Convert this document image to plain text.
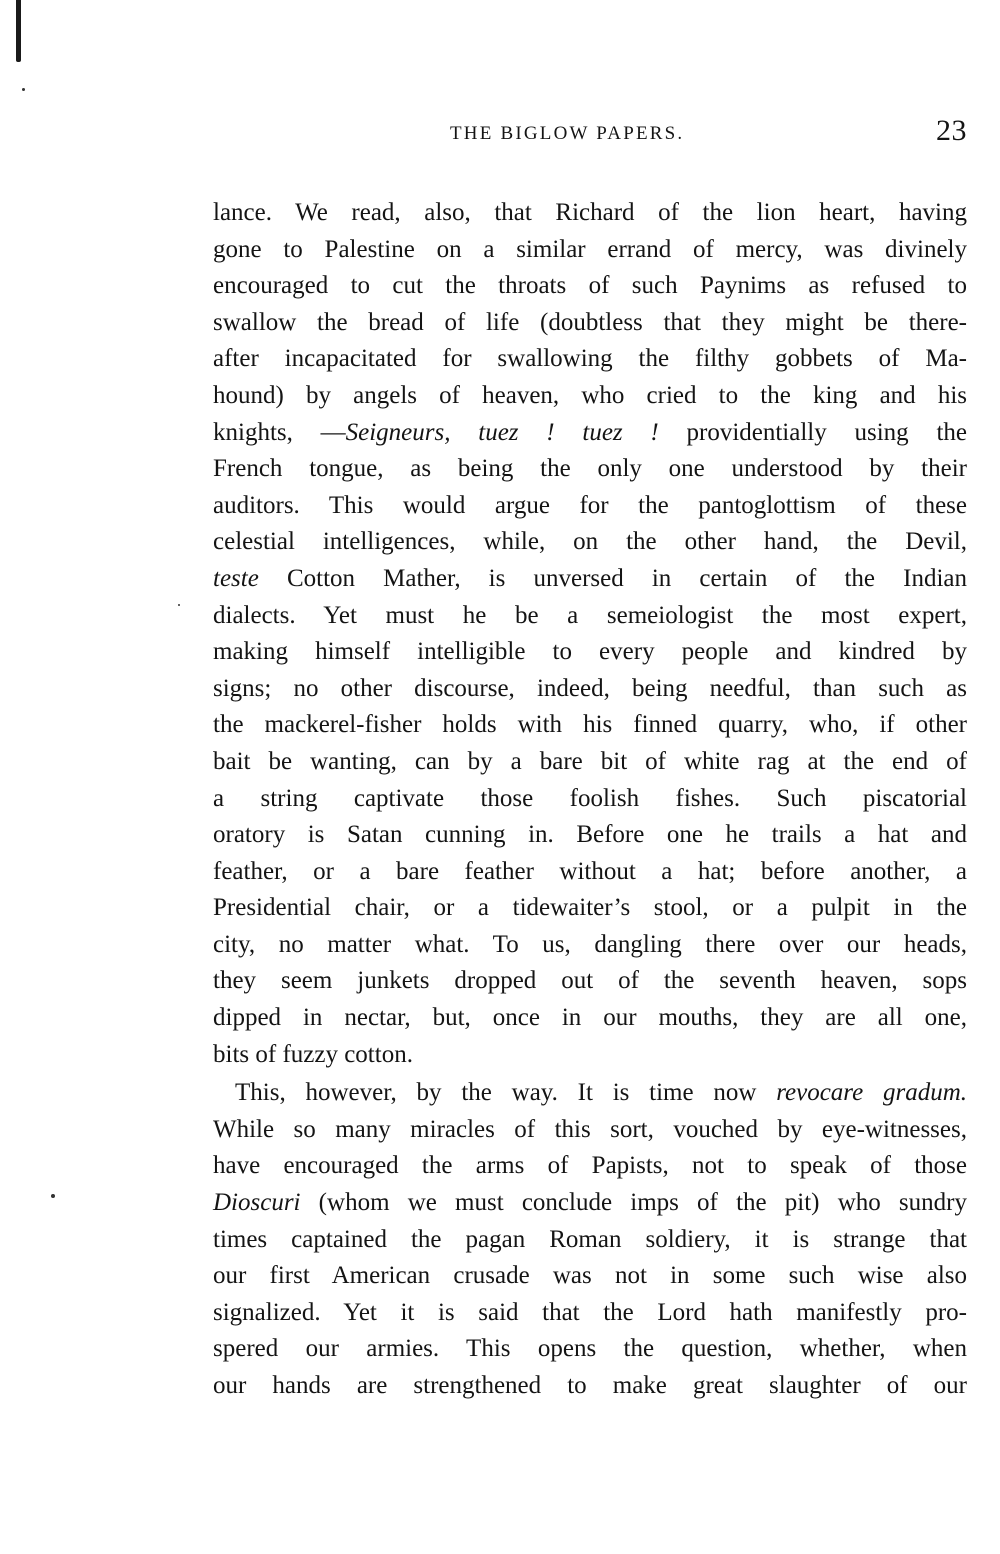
THE BIGLOW PAPERS.	23
lance. We read, also, that Richard of the lion heart, having
gone to Palestine on a similar errand of mercy, was divinely
encouraged to cut the throats of such Paynims as refused to
swallow the bread of life (doubtless that they might be there-
after incapacitated for swallowing the filthy gobbets of Ma-
hound) by angels of heaven, who cried to the king and his
knights, —Seigneurs, tuez ! tuez ! providentially using the
French tongue, as being the only one understood by their
auditors. This would argue for the pantoglottism of these
celestial intelligences, while, on the other hand, the Devil,
teste Cotton Mather, is unversed in certain of the Indian
dialects. Yet must he be a semeiologist the most expert,
making himself intelligible to every people and kindred by
signs; no other discourse, indeed, being needful, than such as
the mackerel-fisher holds with his finned quarry, who, if other
bait be wanting, can by a bare bit of white rag at the end of
a string captivate those foolish fishes. Such piscatorial
oratory is Satan cunning in. Before one he trails a hat and
feather, or a bare feather without a hat; before another, a
Presidential chair, or a tidewaiter’s stool, or a pulpit in the
city, no matter what. To us, dangling there over our heads,
they seem junkets dropped out of the seventh heaven, sops
dipped in nectar, but, once in our mouths, they are all one,
bits of fuzzy cotton.
This, however, by the way. It is time now revocare gradum.
While so many miracles of this sort, vouched by eye-witnesses,
have encouraged the arms of Papists, not to speak of those
Dioscuri (whom we must conclude imps of the pit) who sundry
times captained the pagan Roman soldiery, it is strange that
our first American crusade was not in some such wise also
signalized. Yet it is said that the Lord hath manifestly pro-
spered our armies. This opens the question, whether, when
our hands are strengthened to make great slaughter of our
